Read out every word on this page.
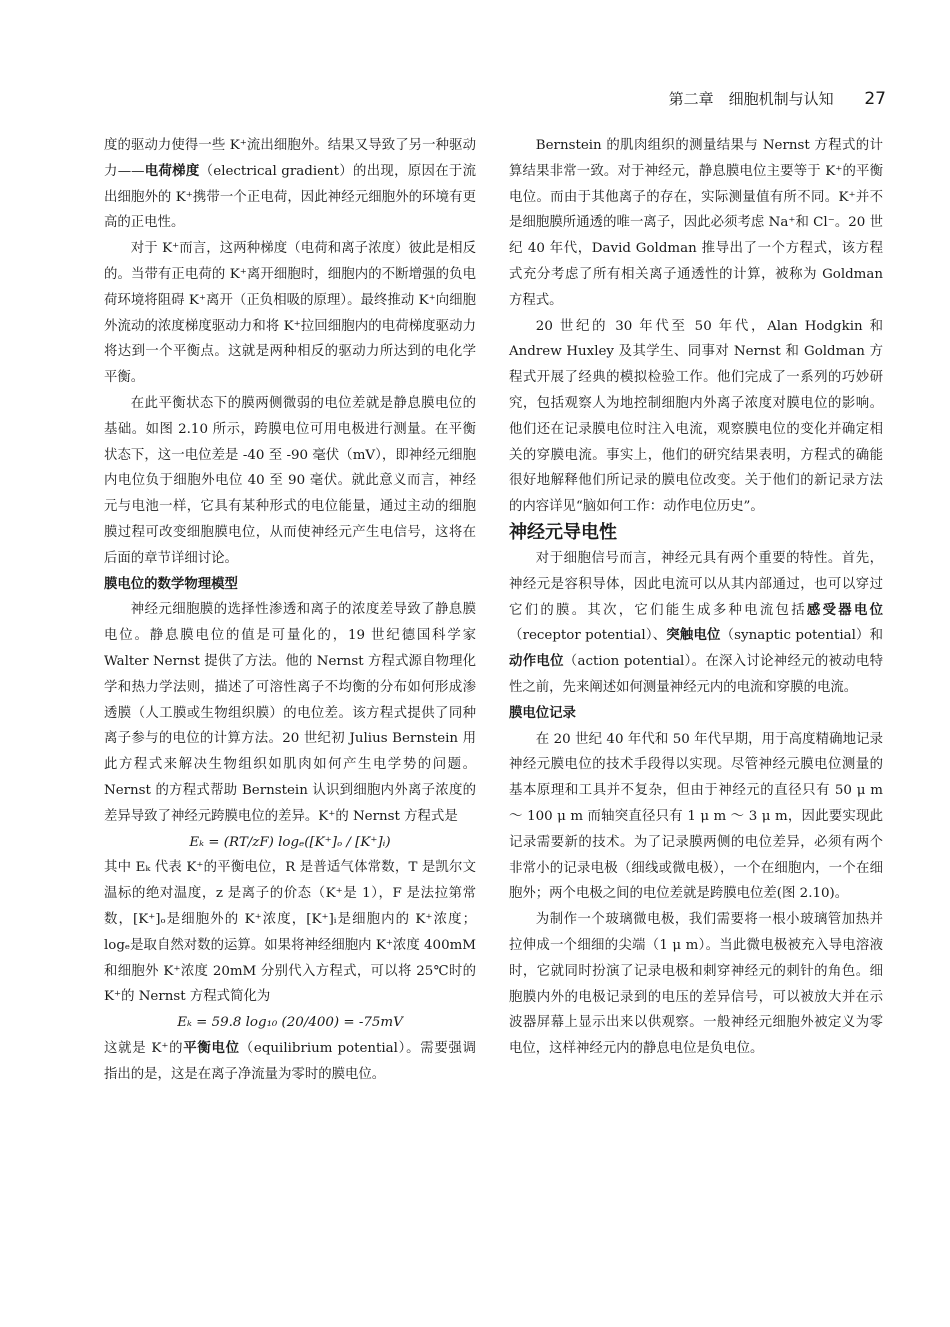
第二章　细胞机制与认知 27

度的驱动力使得一些 K⁺流出细胞外。结果又导致了另一种驱动力——电荷梯度（electrical gradient）的出现，原因在于流出细胞外的 K⁺携带一个正电荷，因此神经元细胞外的环境有更高的正电性。

对于 K⁺而言，这两种梯度（电荷和离子浓度）彼此是相反的。当带有正电荷的 K⁺离开细胞时，细胞内的不断增强的负电荷环境将阻碍 K⁺离开（正负相吸的原理）。最终推动 K⁺向细胞外流动的浓度梯度驱动力和将 K⁺拉回细胞内的电荷梯度驱动力将达到一个平衡点。这就是两种相反的驱动力所达到的电化学平衡。

在此平衡状态下的膜两侧微弱的电位差就是静息膜电位的基础。如图 2.10 所示，跨膜电位可用电极进行测量。在平衡状态下，这一电位差是 -40 至 -90 毫伏（mV），即神经元细胞内电位负于细胞外电位 40 至 90 毫伏。就此意义而言，神经元与电池一样，它具有某种形式的电位能量，通过主动的细胞膜过程可改变细胞膜电位，从而使神经元产生电信号，这将在后面的章节详细讨论。

膜电位的数学物理模型

神经元细胞膜的选择性渗透和离子的浓度差导致了静息膜电位。静息膜电位的值是可量化的，19 世纪德国科学家 Walter Nernst 提供了方法。他的 Nernst 方程式源自物理化学和热力学法则，描述了可溶性离子不均衡的分布如何形成渗透膜（人工膜或生物组织膜）的电位差。该方程式提供了同种离子参与的电位的计算方法。20 世纪初 Julius Bernstein 用此方程式来解决生物组织如肌肉如何产生电学势的问题。Nernst 的方程式帮助 Bernstein 认识到细胞内外离子浓度的差异导致了神经元跨膜电位的差异。K⁺的 Nernst 方程式是

Eₖ = (RT/zF) logₑ([K⁺]ₒ / [K⁺]ᵢ)

其中 Eₖ 代表 K⁺的平衡电位，R 是普适气体常数，T 是凯尔文温标的绝对温度，z 是离子的价态（K⁺是 1），F 是法拉第常数，[K⁺]ₒ是细胞外的 K⁺浓度，[K⁺]ᵢ是细胞内的 K⁺浓度；logₑ是取自然对数的运算。如果将神经细胞内 K⁺浓度 400mM 和细胞外 K⁺浓度 20mM 分别代入方程式，可以将 25℃时的 K⁺的 Nernst 方程式简化为

Eₖ = 59.8 log₁₀ (20/400) = -75mV

这就是 K⁺的平衡电位（equilibrium potential）。需要强调指出的是，这是在离子净流量为零时的膜电位。

Bernstein 的肌肉组织的测量结果与 Nernst 方程式的计算结果非常一致。对于神经元，静息膜电位主要等于 K⁺的平衡电位。而由于其他离子的存在，实际测量值有所不同。K⁺并不是细胞膜所通透的唯一离子，因此必须考虑 Na⁺和 Cl⁻。20 世纪 40 年代，David Goldman 推导出了一个方程式，该方程式充分考虑了所有相关离子通透性的计算，被称为 Goldman 方程式。

20 世纪的 30 年代至 50 年代，Alan Hodgkin 和 Andrew Huxley 及其学生、同事对 Nernst 和 Goldman 方程式开展了经典的模拟检验工作。他们完成了一系列的巧妙研究，包括观察人为地控制细胞内外离子浓度对膜电位的影响。他们还在记录膜电位时注入电流，观察膜电位的变化并确定相关的穿膜电流。事实上，他们的研究结果表明，方程式的确能很好地解释他们所记录的膜电位改变。关于他们的新记录方法的内容详见“脑如何工作：动作电位历史”。

神经元导电性

对于细胞信号而言，神经元具有两个重要的特性。首先，神经元是容积导体，因此电流可以从其内部通过，也可以穿过它们的膜。其次，它们能生成多种电流包括感受器电位（receptor potential）、突触电位（synaptic potential）和动作电位（action potential）。在深入讨论神经元的被动电特性之前，先来阐述如何测量神经元内的电流和穿膜的电流。

膜电位记录

在 20 世纪 40 年代和 50 年代早期，用于高度精确地记录神经元膜电位的技术手段得以实现。尽管神经元膜电位测量的基本原理和工具并不复杂，但由于神经元的直径只有 50 μ m ～ 100 μ m 而轴突直径只有 1 μ m ～ 3 μ m，因此要实现此记录需要新的技术。为了记录膜两侧的电位差异，必须有两个非常小的记录电极（细线或微电极），一个在细胞内，一个在细胞外；两个电极之间的电位差就是跨膜电位差(图 2.10)。

为制作一个玻璃微电极，我们需要将一根小玻璃管加热并拉伸成一个细细的尖端（1 μ m）。当此微电极被充入导电溶液时，它就同时扮演了记录电极和刺穿神经元的刺针的角色。细胞膜内外的电极记录到的电压的差异信号，可以被放大并在示波器屏幕上显示出来以供观察。一般神经元细胞外被定义为零电位，这样神经元内的静息电位是负电位。
